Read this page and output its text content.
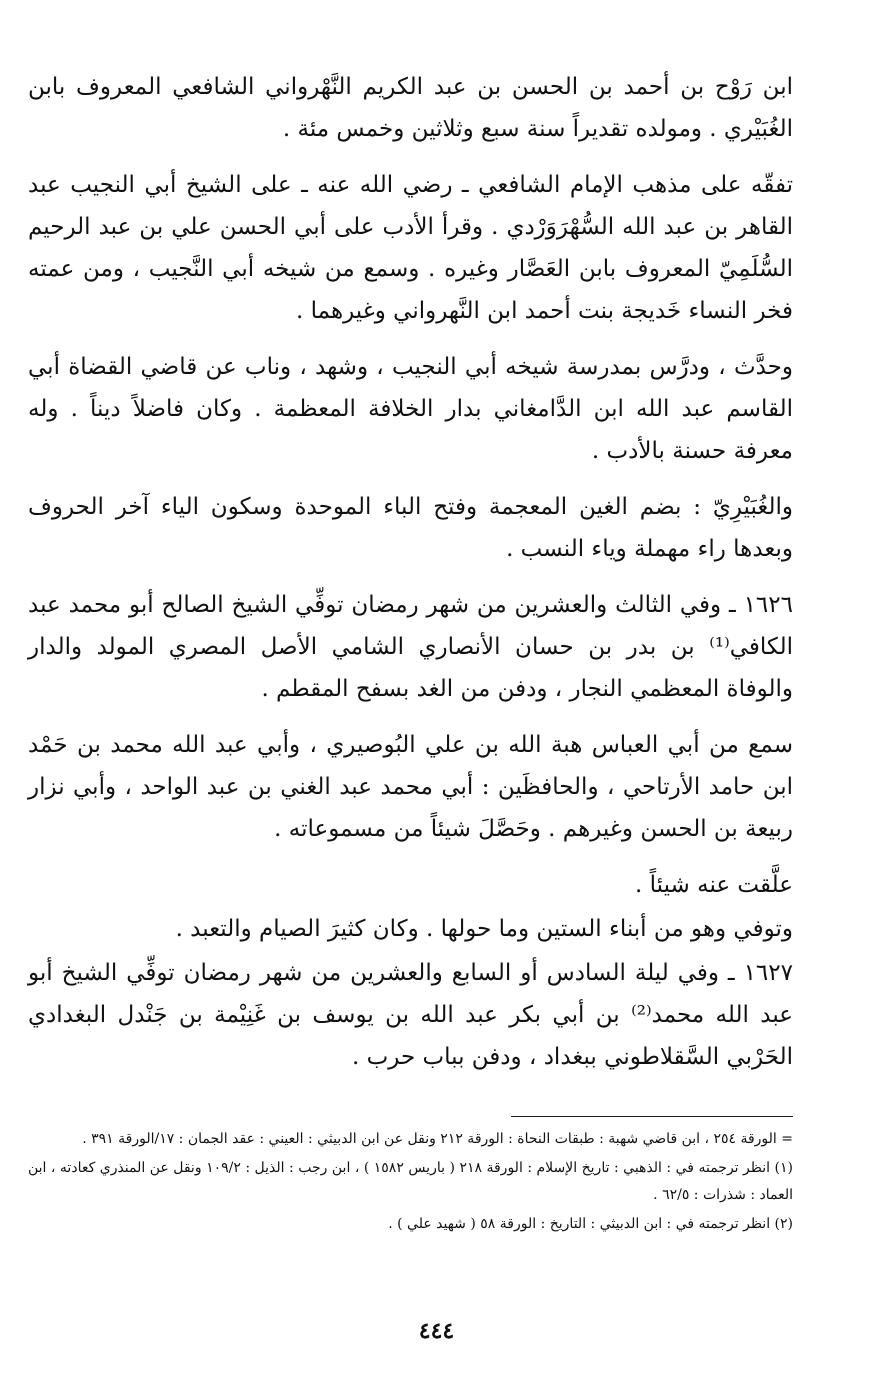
ابن رَوْح بن أحمد بن الحسن بن عبد الكريم النَّهْرواني الشافعي المعروف بابن الغُبَيْري . ومولده تقديراً سنة سبع وثلاثين وخمس مئة .

تفقّه على مذهب الإمام الشافعي ـ رضي الله عنه ـ على الشيخ أبي النجيب عبد القاهر بن عبد الله السُّهْرَوَرْدي . وقرأ الأدب على أبي الحسن علي بن عبد الرحيم السُّلَمِيّ المعروف بابن العَصَّار وغيره . وسمع من شيخه أبي النَّجيب ، ومن عمته فخر النساء خَديجة بنت أحمد ابن النَّهرواني وغيرهما .

وحدَّث ، ودرَّس بمدرسة شيخه أبي النجيب ، وشهد ، وناب عن قاضي القضاة أبي القاسم عبد الله ابن الدَّامغاني بدار الخلافة المعظمة . وكان فاضلاً ديناً . وله معرفة حسنة بالأدب .

والغُبَيْرِيّ : بضم الغين المعجمة وفتح الباء الموحدة وسكون الياء آخر الحروف وبعدها راء مهملة وياء النسب .

١٦٢٦ ـ وفي الثالث والعشرين من شهر رمضان توفِّي الشيخ الصالح أبو محمد عبد الكافي⁽¹⁾ بن بدر بن حسان الأنصاري الشامي الأصل المصري المولد والدار والوفاة المعظمي النجار ، ودفن من الغد بسفح المقطم .

سمع من أبي العباس هبة الله بن علي البُوصيري ، وأبي عبد الله محمد بن حَمْد ابن حامد الأرتاحي ، والحافظَين : أبي محمد عبد الغني بن عبد الواحد ، وأبي نزار ربيعة بن الحسن وغيرهم . وحَصَّلَ شيئاً من مسموعاته .

علَّقت عنه شيئاً .

وتوفي وهو من أبناء الستين وما حولها . وكان كثيرَ الصيام والتعبد .

١٦٢٧ ـ وفي ليلة السادس أو السابع والعشرين من شهر رمضان توفِّي الشيخ أبو عبد الله محمد⁽²⁾ بن أبي بكر عبد الله بن يوسف بن غَنِيْمة بن جَنْدل البغدادي الحَرْبي السَّقلاطوني ببغداد ، ودفن بباب حرب .

= الورقة ٢٥٤ ، ابن قاضي شهبة : طبقات النحاة : الورقة ٢١٢ ونقل عن ابن الدبيثي : العيني : عقد الجمان : ١٧/الورقة ٣٩١ .

(١) انظر ترجمته في : الذهبي : تاريخ الإسلام : الورقة ٢١٨ ( باريس ١٥٨٢ ) ، ابن رجب : الذيل : ١٠٩/٢ ونقل عن المنذري كعادته ، ابن العماد : شذرات : ٦٢/٥ .

(٢) انظر ترجمته في : ابن الدبيثي : التاريخ : الورقة ٥٨ ( شهيد علي ) .

٤٤٤
